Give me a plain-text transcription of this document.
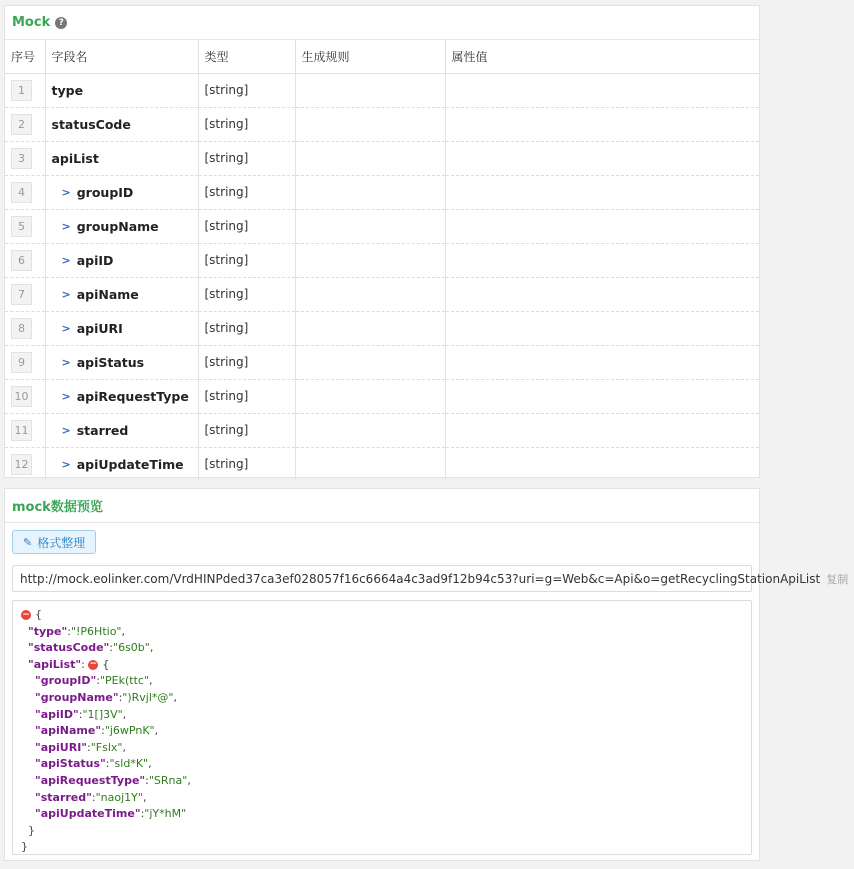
Mock ?
序号	字段名	类型	生成规则	属性值
1	type	[string]		
2	statusCode	[string]		
3	apiList	[string]		
4	> groupID	[string]		
5	> groupName	[string]		
6	> apiID	[string]		
7	> apiName	[string]		
8	> apiURI	[string]		
9	> apiStatus	[string]		
10	> apiRequestType	[string]		
11	> starred	[string]		
12	> apiUpdateTime	[string]		
mock数据预览
✎ 格式整理
http://mock.eolinker.com/VrdHINPded37ca3ef028057f16c6664a4c3ad9f12b94c53?uri=g=Web&c=Api&o=getRecyclingStationApiList 复制
− {
"type":"!P6Htio",
"statusCode":"6s0b",
"apiList": − {
"groupID":"PEk(ttc",
"groupName":")Rvjl*@",
"apiID":"1[]3V",
"apiName":"j6wPnK",
"apiURI":"Fslx",
"apiStatus":"sld*K",
"apiRequestType":"SRna",
"starred":"naoj1Y",
"apiUpdateTime":"jY*hM"
}
}
